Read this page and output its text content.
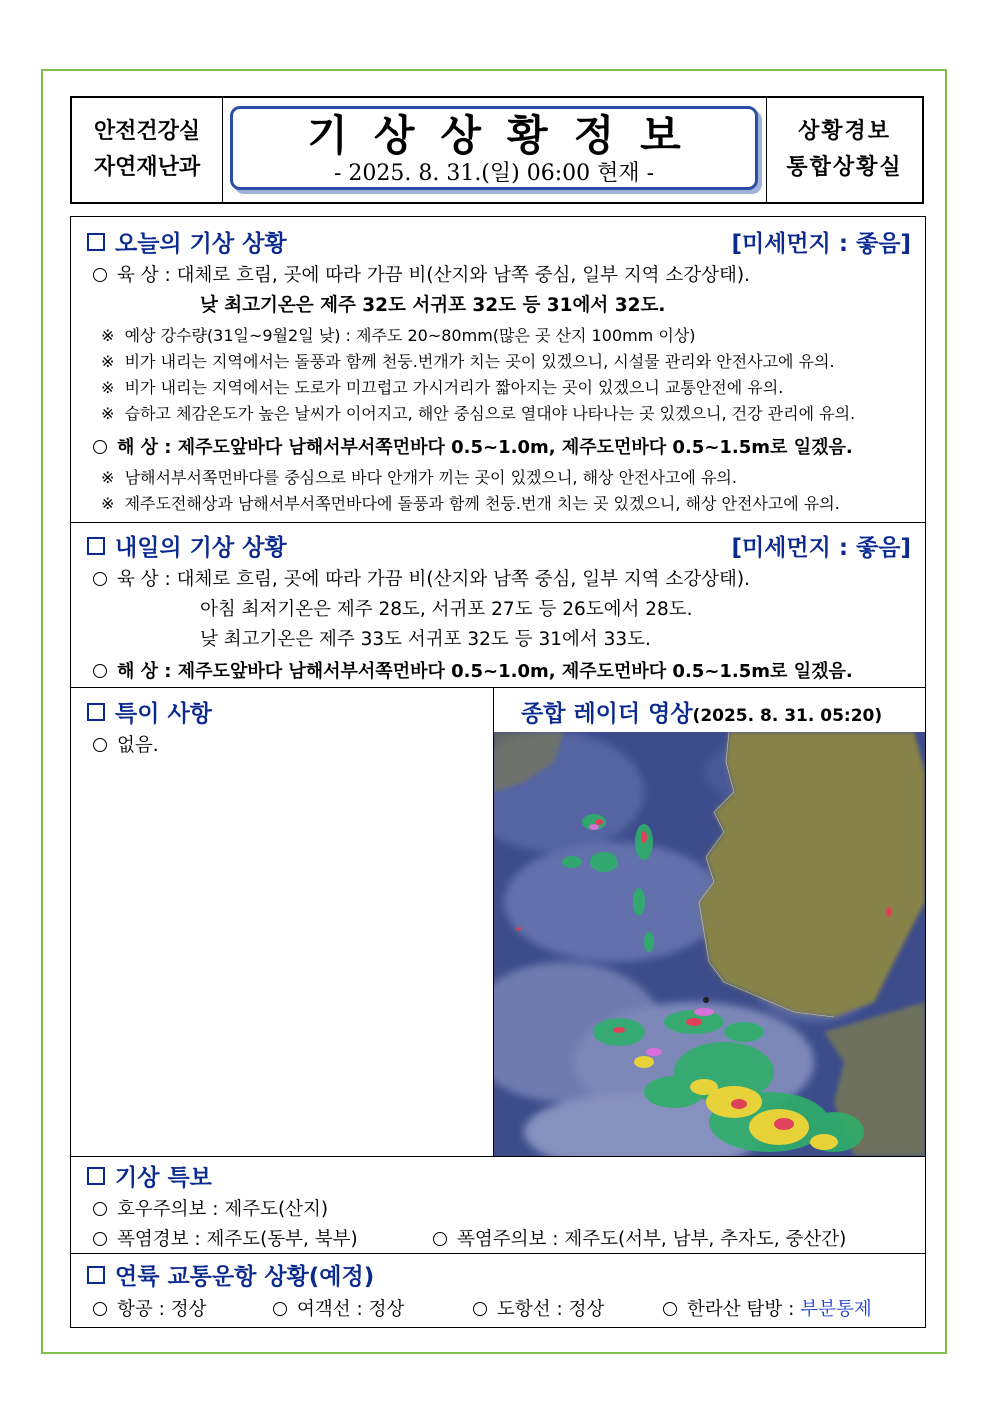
안전건강실
자연재난과
기상상황정보
- 2025. 8. 31.(일) 06:00 현재 -
상황경보
통합상황실
오늘의 기상 상황	[미세먼지 : 좋음]
육 상 : 대체로 흐림, 곳에 따라 가끔 비(산지와 남쪽 중심, 일부 지역 소강상태).
낮 최고기온은 제주 32도 서귀포 32도 등 31에서 32도.
※  예상 강수량(31일~9월2일 낮) : 제주도 20~80mm(많은 곳 산지 100mm 이상)
※  비가 내리는 지역에서는 돌풍과 함께 천둥.번개가 치는 곳이 있겠으니, 시설물 관리와 안전사고에 유의.
※  비가 내리는 지역에서는 도로가 미끄럽고 가시거리가 짧아지는 곳이 있겠으니 교통안전에 유의.
※  습하고 체감온도가 높은 날씨가 이어지고, 해안 중심으로 열대야 나타나는 곳 있겠으니, 건강 관리에 유의.
해 상 : 제주도앞바다 남해서부서쪽먼바다 0.5~1.0m, 제주도먼바다 0.5~1.5m로 일겠음.
※  남해서부서쪽먼바다를 중심으로 바다 안개가 끼는 곳이 있겠으니, 해상 안전사고에 유의.
※  제주도전해상과 남해서부서쪽먼바다에 돌풍과 함께 천둥.번개 치는 곳 있겠으니, 해상 안전사고에 유의.
내일의 기상 상황	[미세먼지 : 좋음]
육 상 : 대체로 흐림, 곳에 따라 가끔 비(산지와 남쪽 중심, 일부 지역 소강상태).
아침 최저기온은 제주 28도, 서귀포 27도 등 26도에서 28도.
낮 최고기온은 제주 33도 서귀포 32도 등 31에서 33도.
해 상 : 제주도앞바다 남해서부서쪽먼바다 0.5~1.0m, 제주도먼바다 0.5~1.5m로 일겠음.
특이 사항
없음.
종합 레이더 영상(2025. 8. 31. 05:20)
+
기상 특보
호우주의보 : 제주도(산지)
폭염경보 : 제주도(동부, 북부)	폭염주의보 : 제주도(서부, 남부, 추자도, 중산간)
연륙 교통운항 상황(예정)
항공 : 정상	여객선 : 정상	도항선 : 정상	한라산 탐방 : 부분통제
